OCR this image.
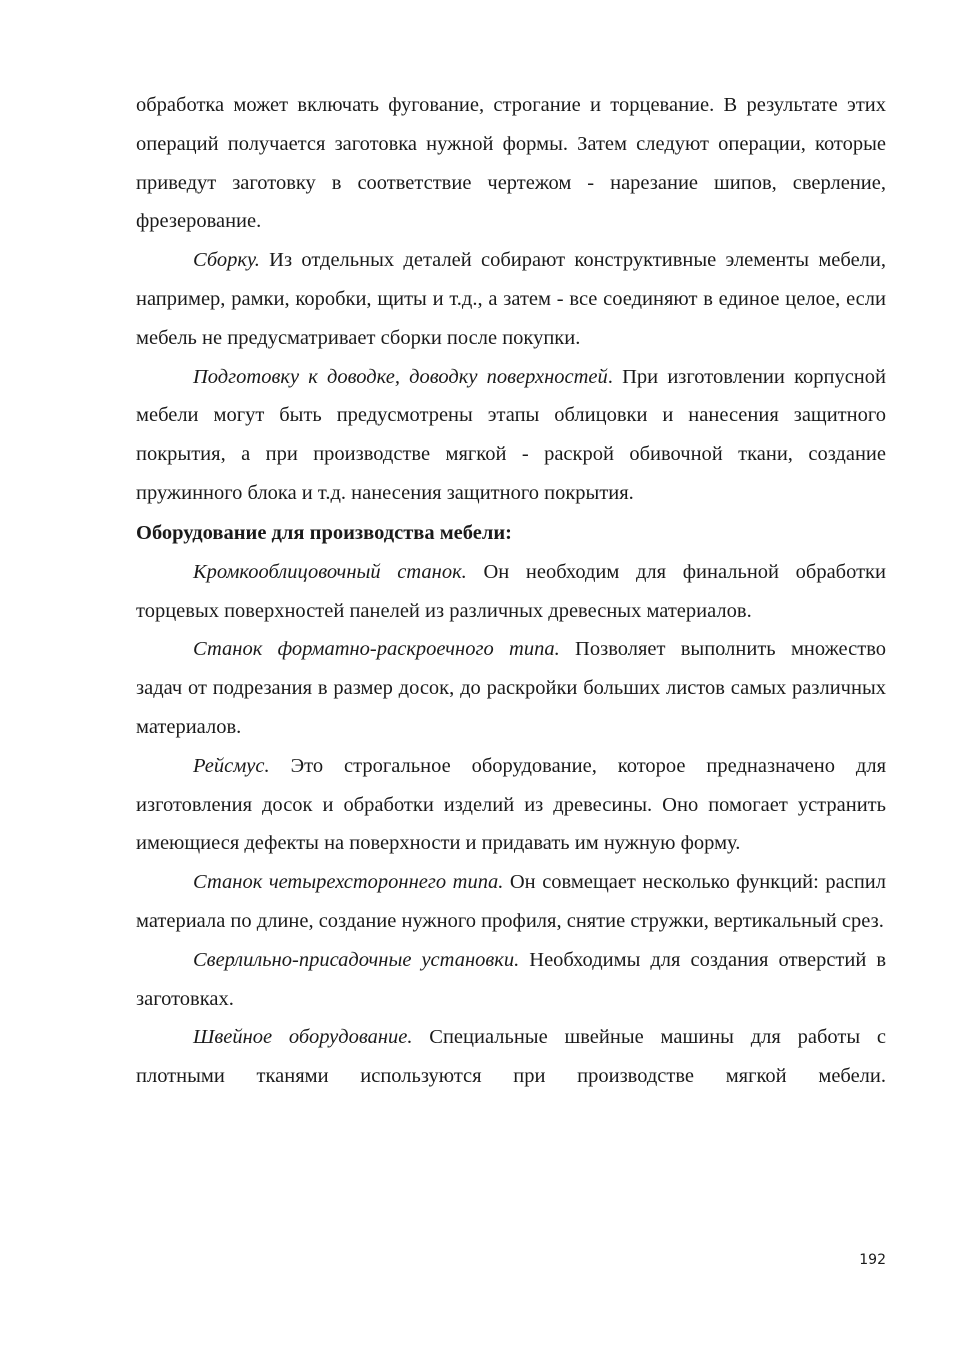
обработка может включать фугование, строгание и торцевание. В результате этих операций получается заготовка нужной формы. Затем следуют операции, которые приведут заготовку в соответствие чертежом - нарезание шипов, сверление, фрезерование.

Сборку. Из отдельных деталей собирают конструктивные элементы мебели, например, рамки, коробки, щиты и т.д., а затем - все соединяют в единое целое, если мебель не предусматривает сборки после покупки.

Подготовку к доводке, доводку поверхностей. При изготовлении корпусной мебели могут быть предусмотрены этапы облицовки и нанесения защитного покрытия, а при производстве мягкой - раскрой обивочной ткани, создание пружинного блока и т.д. нанесения защитного покрытия.

Оборудование для производства мебели:

Кромкооблицовочный станок. Он необходим для финальной обработки торцевых поверхностей панелей из различных древесных материалов.

Станок форматно-раскроечного типа. Позволяет выполнить множество задач от подрезания в размер досок, до раскройки больших листов самых различных материалов.

Рейсмус. Это строгальное оборудование, которое предназначено для изготовления досок и обработки изделий из древесины. Оно помогает устранить имеющиеся дефекты на поверхности и придавать им нужную форму.

Станок четырехстороннего типа. Он совмещает несколько функций: распил материала по длине, создание нужного профиля, снятие стружки, вертикальный срез.

Сверлильно-присадочные установки. Необходимы для создания отверстий в заготовках.

Швейное оборудование. Специальные швейные машины для работы с плотными тканями используются при производстве мягкой мебели.

192
